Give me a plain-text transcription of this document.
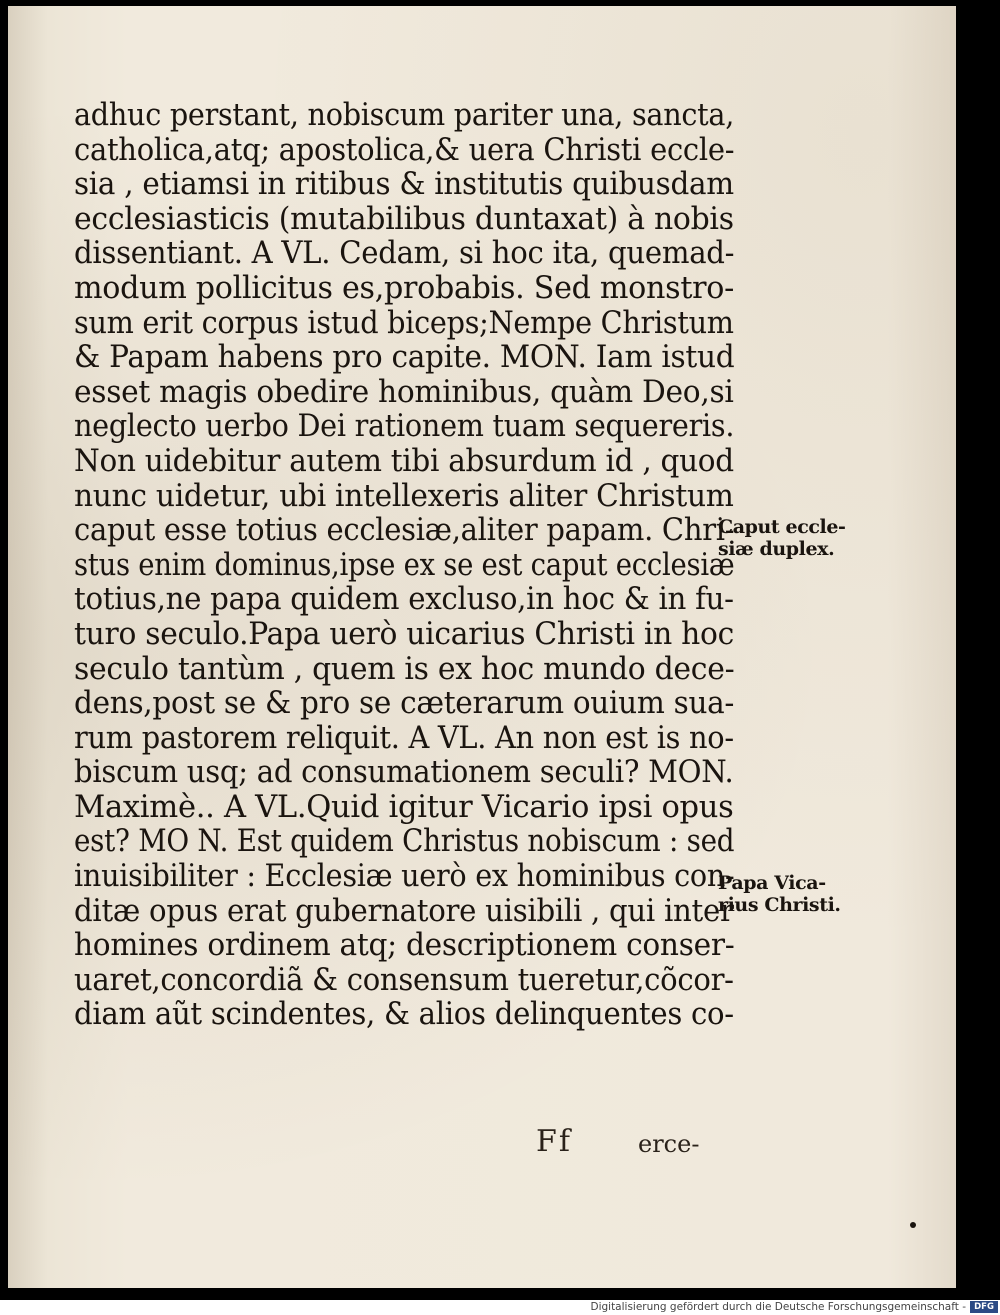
adhuc perstant, nobiscum pariter una, sancta,
catholica,atq; apostolica,& uera Christi eccle-
sia , etiamsi in ritibus & institutis quibusdam
ecclesiasticis (mutabilibus duntaxat) à nobis
dissentiant. A VL. Cedam, si hoc ita, quemad-
modum pollicitus es,probabis. Sed monstro-
sum erit corpus istud biceps;Nempe Christum
& Papam habens pro capite. MON. Iam istud
esset magis obedire hominibus, quàm Deo,si
neglecto uerbo Dei rationem tuam sequereris.
Non uidebitur autem tibi absurdum id , quod
nunc uidetur, ubi intellexeris aliter Christum
caput esse totius ecclesiæ,aliter papam. Chri-
stus enim dominus,ipse ex se est caput ecclesiæ
totius,ne papa quidem excluso,in hoc & in fu-
turo seculo.Papa uerò uicarius Christi in hoc
seculo tantùm , quem is ex hoc mundo dece-
dens,post se & pro se cæterarum ouium sua-
rum pastorem reliquit. A VL. An non est is no-
biscum usq; ad consumationem seculi? MON.
Maximè.. A VL.Quid igitur Vicario ipsi opus
est? MO N. Est quidem Christus nobiscum : sed
inuisibiliter : Ecclesiæ uerò ex hominibus con-
ditæ opus erat gubernatore uisibili , qui inter
homines ordinem atq; descriptionem conser-
uaret,concordiã & consensum tueretur,cõcor-
diam aũt scindentes, & alios delinquentes co-
Caput eccle-
siæ duplex.
Papa Vica-
rius Christi.
Ff	erce-
Digitalisierung gefördert durch die Deutsche Forschungsgemeinschaft - DFG
